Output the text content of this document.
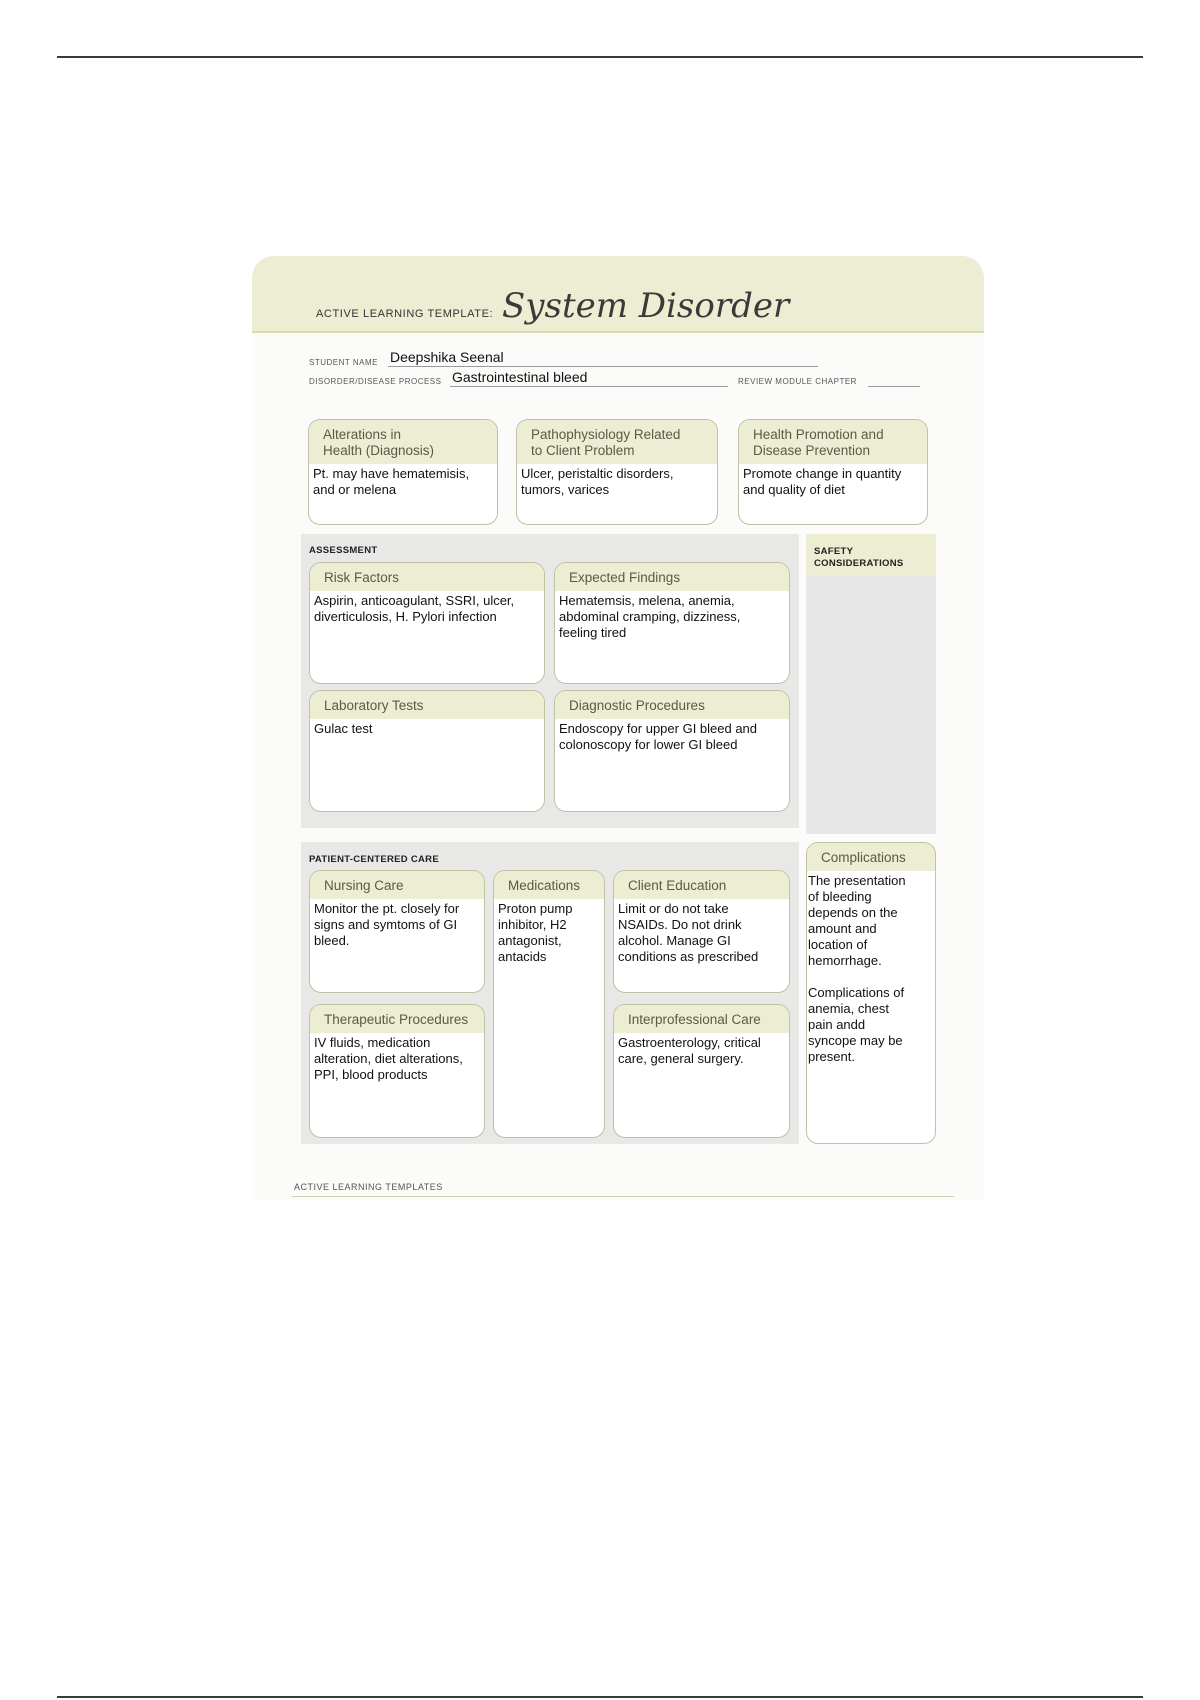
ACTIVE LEARNING TEMPLATE: System Disorder
STUDENT NAME Deepshika Seenal
DISORDER/DISEASE PROCESS Gastrointestinal bleed	REVIEW MODULE CHAPTER
Alterations in
Health (Diagnosis)
Pt. may have hematemisis,
and or melena
Pathophysiology Related
to Client Problem
Ulcer, peristaltic disorders,
tumors, varices
Health Promotion and
Disease Prevention
Promote change in quantity
and quality of diet
ASSESSMENT
Risk Factors
Aspirin, anticoagulant, SSRI, ulcer,
diverticulosis, H. Pylori infection
Expected Findings
Hematemsis, melena, anemia,
abdominal cramping, dizziness,
feeling tired
Laboratory Tests
Gulac test
Diagnostic Procedures
Endoscopy for upper GI bleed and
colonoscopy for lower GI bleed
SAFETY
CONSIDERATIONS
PATIENT-CENTERED CARE
Nursing Care
Monitor the pt. closely for
signs and symtoms of GI
bleed.
Medications
Proton pump
inhibitor, H2
antagonist,
antacids
Client Education
Limit or do not take
NSAIDs. Do not drink
alcohol. Manage GI
conditions as prescribed
Therapeutic Procedures
IV fluids, medication
alteration, diet alterations,
PPI, blood products
Interprofessional Care
Gastroenterology, critical
care, general surgery.
Complications
The presentation
of bleeding
depends on the
amount and
location of
hemorrhage.

Complications of
anemia, chest
pain andd
syncope may be
present.
ACTIVE LEARNING TEMPLATES
